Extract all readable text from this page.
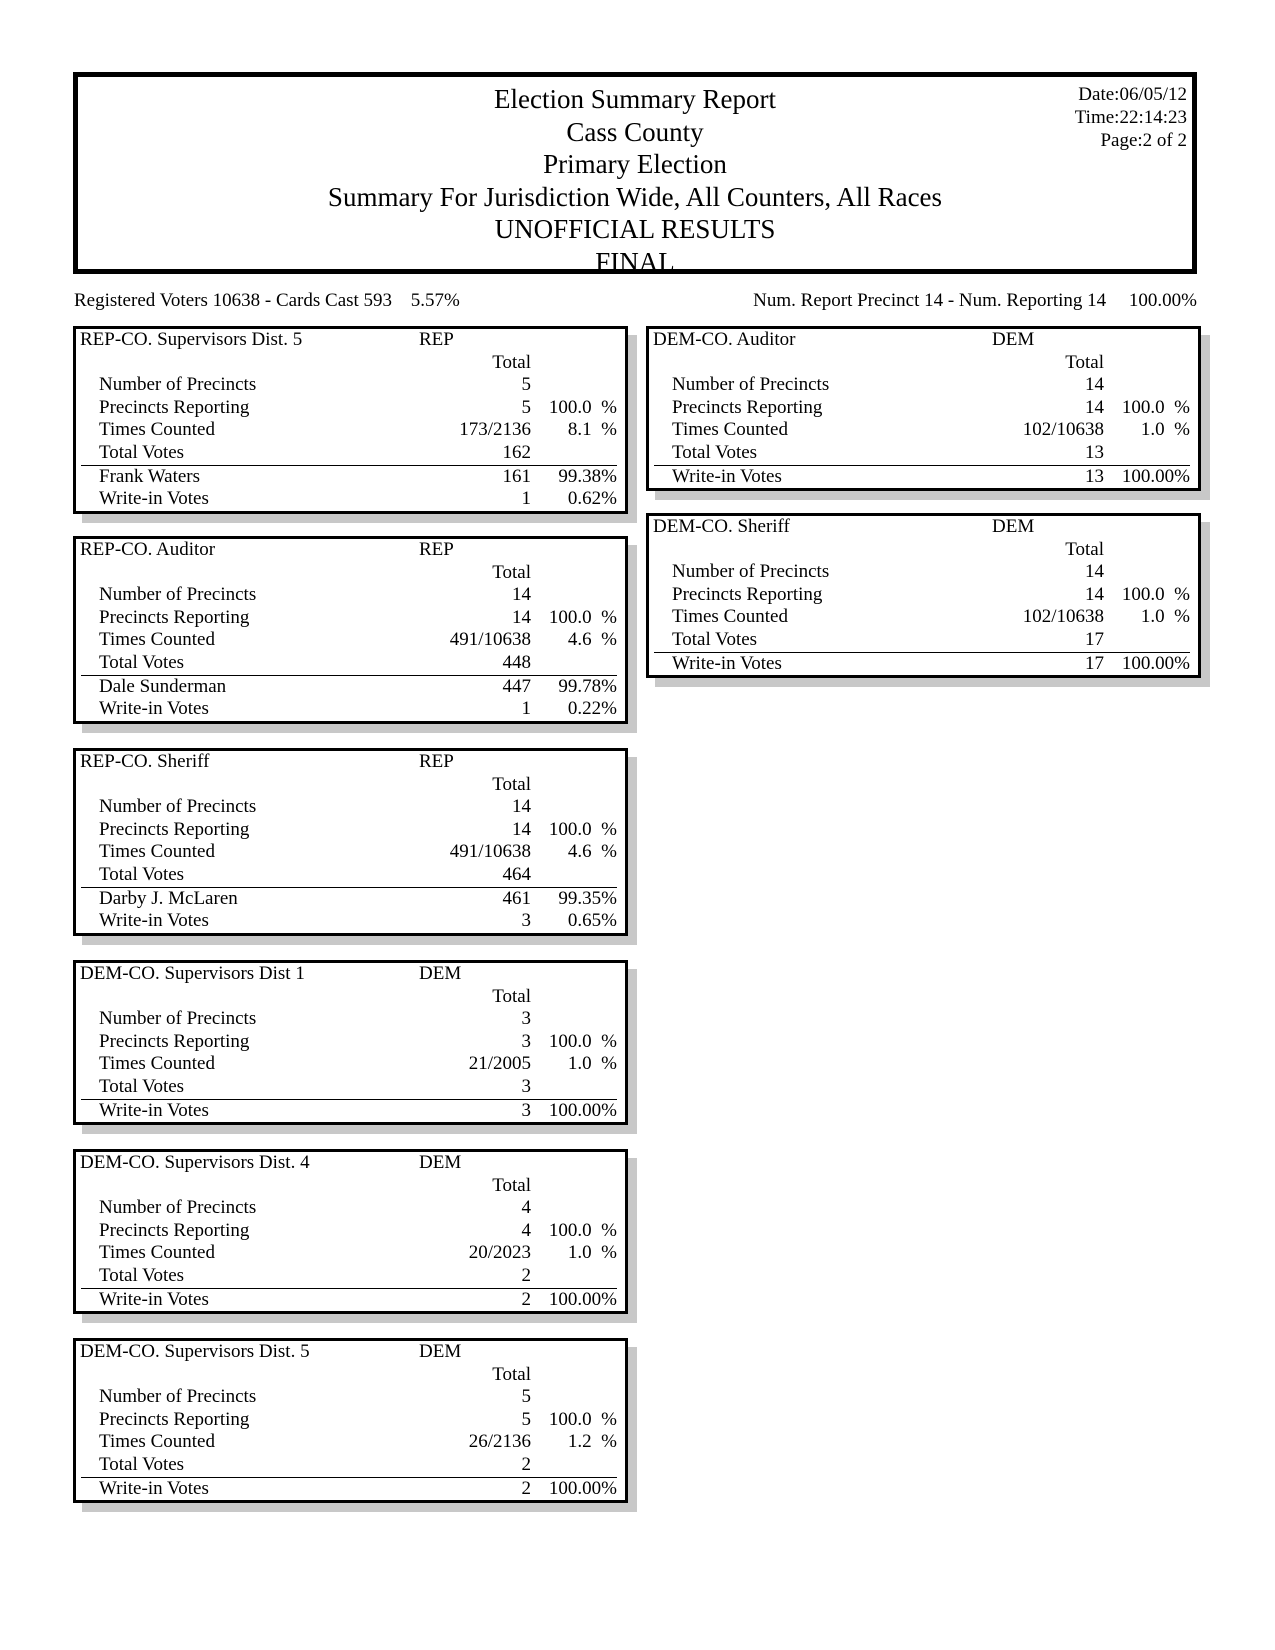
Election Summary Report
Cass County
Primary Election
Summary For Jurisdiction Wide, All Counters, All Races
UNOFFICIAL RESULTS
FINAL
Date:06/05/12
Time:22:14:23
Page:2 of 2
Registered Voters 10638 - Cards Cast 593 5.57%	Num. Report Precinct 14 - Num. Reporting 14 100.00%
REP-CO. Supervisors Dist. 5	REP
Total
Number of Precincts	5
Precincts Reporting	5 100.0  %
Times Counted	173/2136 8.1  %
Total Votes	162
Frank Waters	161 99.38%
Write-in Votes	1 0.62%
REP-CO. Auditor	REP
Total
Number of Precincts	14
Precincts Reporting	14 100.0  %
Times Counted	491/10638 4.6  %
Total Votes	448
Dale Sunderman	447 99.78%
Write-in Votes	1 0.22%
REP-CO. Sheriff	REP
Total
Number of Precincts	14
Precincts Reporting	14 100.0  %
Times Counted	491/10638 4.6  %
Total Votes	464
Darby J. McLaren	461 99.35%
Write-in Votes	3 0.65%
DEM-CO. Supervisors Dist 1	DEM
Total
Number of Precincts	3
Precincts Reporting	3 100.0  %
Times Counted	21/2005 1.0  %
Total Votes	3
Write-in Votes	3 100.00%
DEM-CO. Supervisors Dist. 4	DEM
Total
Number of Precincts	4
Precincts Reporting	4 100.0  %
Times Counted	20/2023 1.0  %
Total Votes	2
Write-in Votes	2 100.00%
DEM-CO. Supervisors Dist. 5	DEM
Total
Number of Precincts	5
Precincts Reporting	5 100.0  %
Times Counted	26/2136 1.2  %
Total Votes	2
Write-in Votes	2 100.00%
DEM-CO. Auditor	DEM
Total
Number of Precincts	14
Precincts Reporting	14 100.0  %
Times Counted	102/10638 1.0  %
Total Votes	13
Write-in Votes	13 100.00%
DEM-CO. Sheriff	DEM
Total
Number of Precincts	14
Precincts Reporting	14 100.0  %
Times Counted	102/10638 1.0  %
Total Votes	17
Write-in Votes	17 100.00%
